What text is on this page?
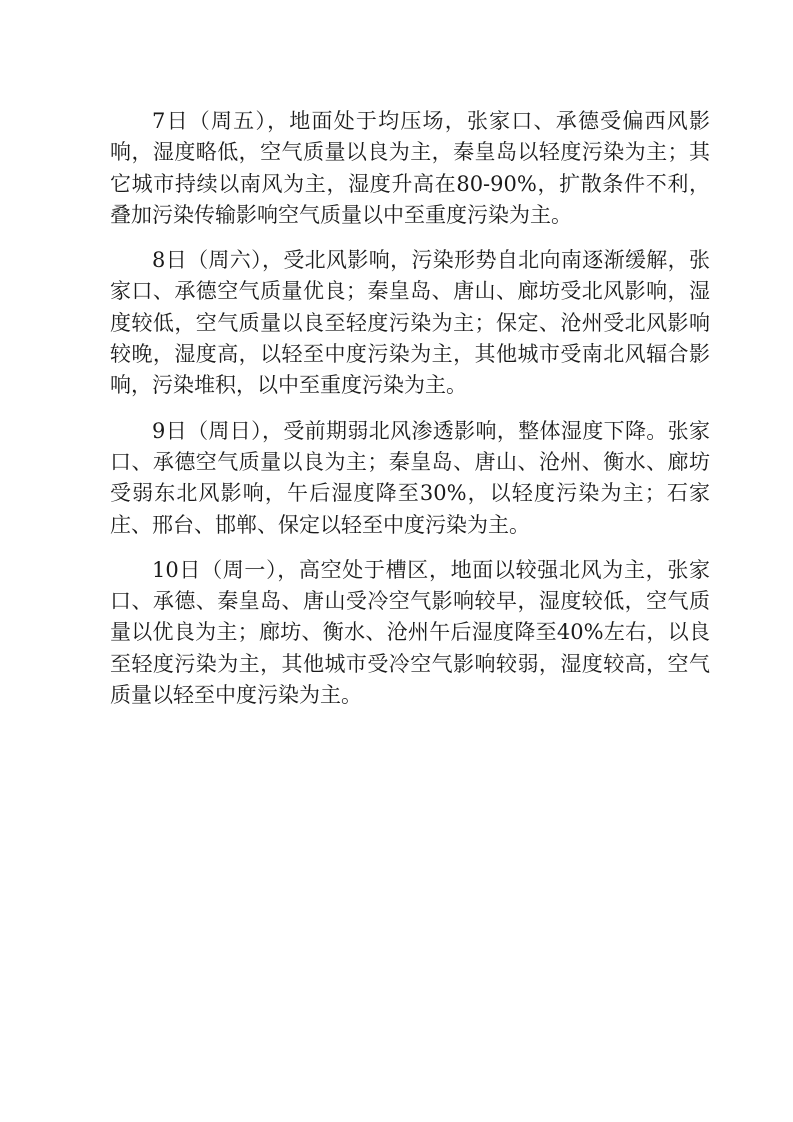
7日（周五），地面处于均压场，张家口、承德受偏西风影响，湿度略低，空气质量以良为主，秦皇岛以轻度污染为主；其它城市持续以南风为主，湿度升高在80-90%，扩散条件不利，叠加污染传输影响空气质量以中至重度污染为主。

8日（周六），受北风影响，污染形势自北向南逐渐缓解，张家口、承德空气质量优良；秦皇岛、唐山、廊坊受北风影响，湿度较低，空气质量以良至轻度污染为主；保定、沧州受北风影响较晚，湿度高，以轻至中度污染为主，其他城市受南北风辐合影响，污染堆积，以中至重度污染为主。

9日（周日），受前期弱北风渗透影响，整体湿度下降。张家口、承德空气质量以良为主；秦皇岛、唐山、沧州、衡水、廊坊受弱东北风影响，午后湿度降至30%，以轻度污染为主；石家庄、邢台、邯郸、保定以轻至中度污染为主。

10日（周一），高空处于槽区，地面以较强北风为主，张家口、承德、秦皇岛、唐山受冷空气影响较早，湿度较低，空气质量以优良为主；廊坊、衡水、沧州午后湿度降至40%左右，以良至轻度污染为主，其他城市受冷空气影响较弱，湿度较高，空气质量以轻至中度污染为主。
